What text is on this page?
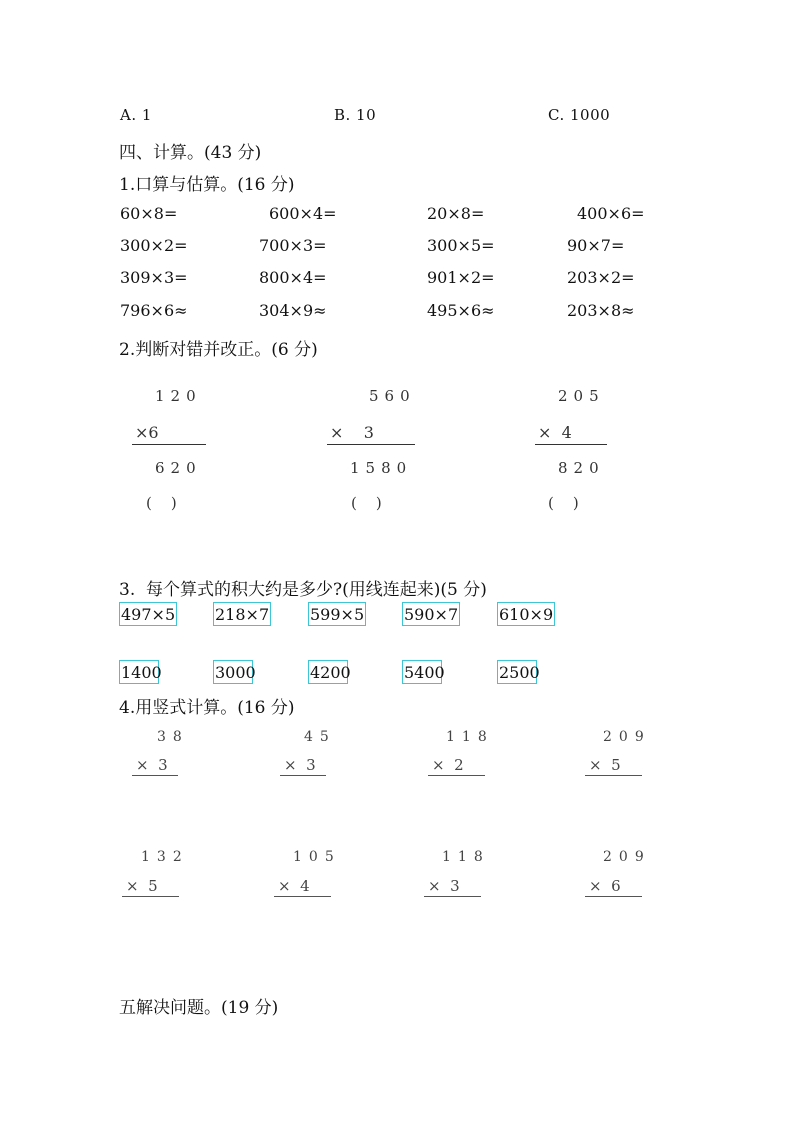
A. 1	B. 10	C. 1000
四、计算。(43 分)
1.口算与估算。(16 分)
60×8=	600×4=	20×8=	400×6=
300×2=	700×3=	300×5=	90×7=
309×3=	800×4=	901×2=	203×2=
796×6≈	304×9≈	495×6≈	203×8≈
2.判断对错并改正。(6 分)
120
×6
620
(    )
560
×    3
1580
(    )
205
×  4
820
(    )
3.  每个算式的积大约是多少?(用线连起来)(5 分)
497×5 218×7	599×5 590×7	610×9
1400	3000	4200	5400	2500
4.用竖式计算。(16 分)
38
×  3
45
×  3
118
×  2
209
×  5
132
×  5
105
×  4
118
×  3
209
×  6
五解决问题。(19 分)
